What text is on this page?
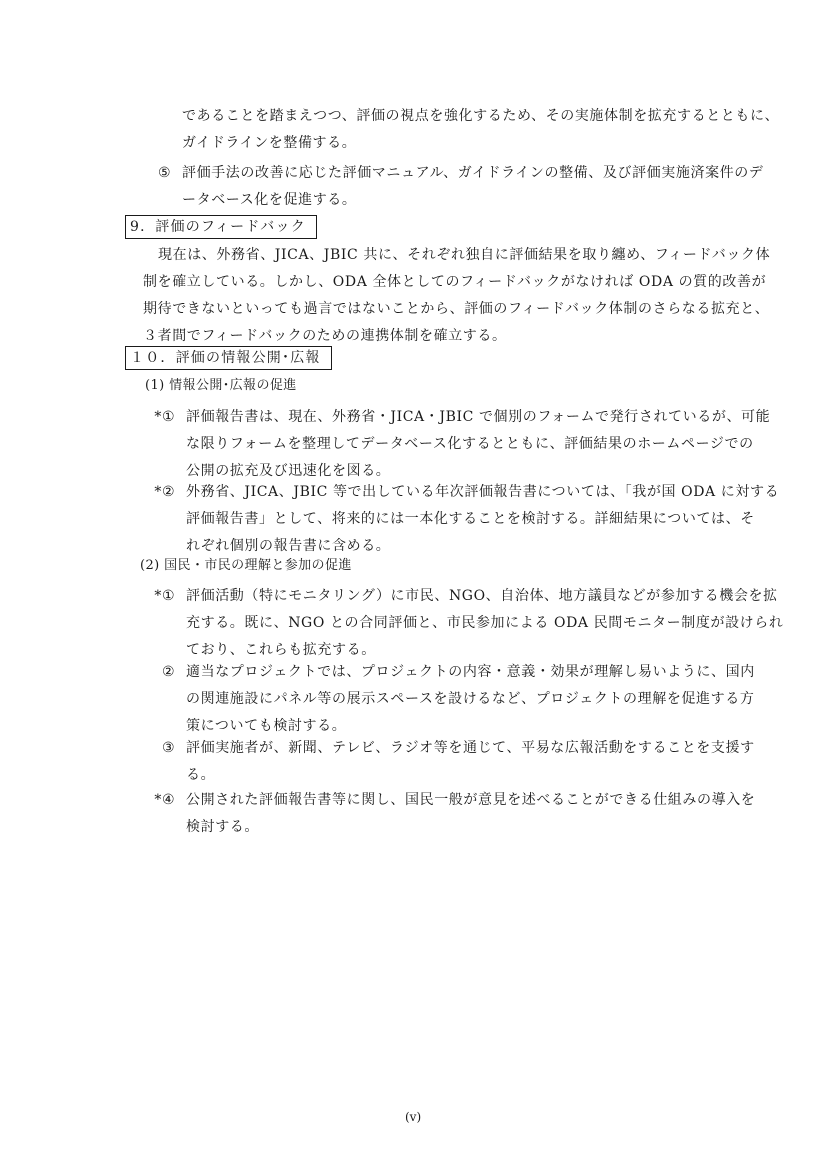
であることを踏まえつつ、評価の視点を強化するため、その実施体制を拡充するとともに、
ガイドラインを整備する。
⑤ 評価手法の改善に応じた評価マニュアル、ガイドラインの整備、及び評価実施済案件のデ
ータベース化を促進する。
9．評価のフィードバック
現在は、外務省、JICA、JBIC 共に、それぞれ独自に評価結果を取り纏め、フィードバック体
制を確立している。しかし、ODA 全体としてのフィードバックがなければ ODA の質的改善が
期待できないといっても過言ではないことから、評価のフィードバック体制のさらなる拡充と、
３者間でフィードバックのための連携体制を確立する。
１０．評価の情報公開･広報
(1) 情報公開･広報の促進
*① 評価報告書は、現在、外務省・JICA・JBIC で個別のフォームで発行されているが、可能
な限りフォームを整理してデータベース化するとともに、評価結果のホームページでの
公開の拡充及び迅速化を図る。
*② 外務省、JICA、JBIC 等で出している年次評価報告書については、「我が国 ODA に対する
評価報告書」として、将来的には一本化することを検討する。詳細結果については、そ
れぞれ個別の報告書に含める。
(2) 国民・市民の理解と参加の促進
*① 評価活動（特にモニタリング）に市民、NGO、自治体、地方議員などが参加する機会を拡
充する。既に、NGO との合同評価と、市民参加による ODA 民間モニター制度が設けられ
ており、これらも拡充する。
② 適当なプロジェクトでは、プロジェクトの内容・意義・効果が理解し易いように、国内
の関連施設にパネル等の展示スペースを設けるなど、プロジェクトの理解を促進する方
策についても検討する。
③ 評価実施者が、新聞、テレビ、ラジオ等を通じて、平易な広報活動をすることを支援す
る。
*④ 公開された評価報告書等に関し、国民一般が意見を述べることができる仕組みの導入を
検討する。
(v)
